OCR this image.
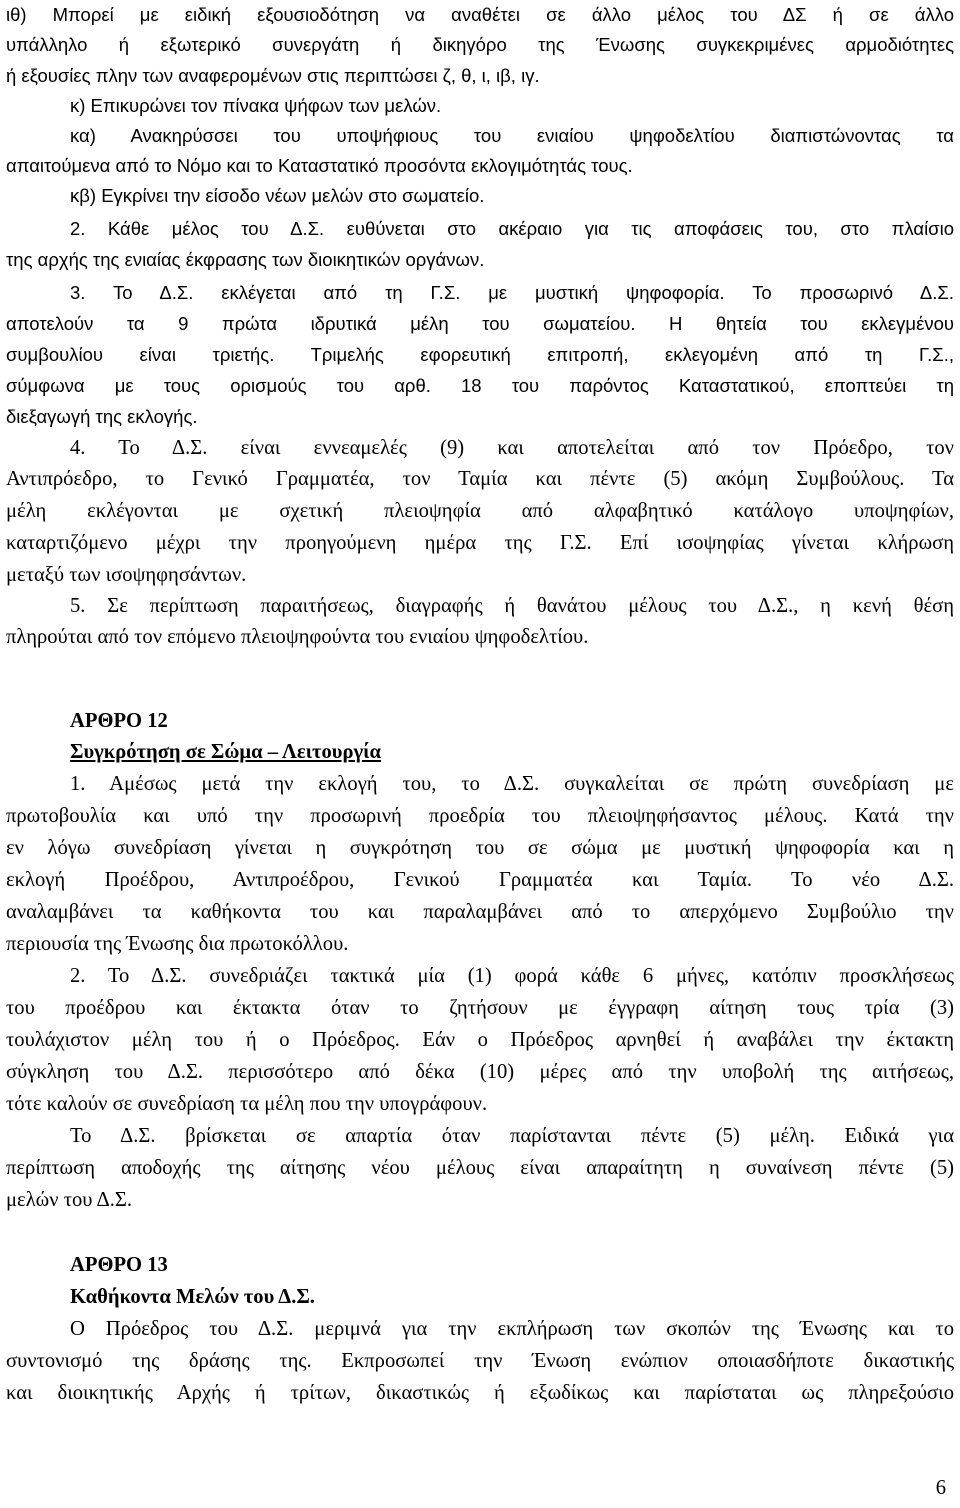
ιθ) Μπορεί με ειδική εξουσιοδότηση να αναθέτει σε άλλο μέλος του ΔΣ ή σε άλλο
υπάλληλο ή εξωτερικό συνεργάτη ή δικηγόρο της Ένωσης συγκεκριμένες αρμοδιότητες
ή εξουσίες πλην των αναφερομένων στις περιπτώσει ζ, θ, ι, ιβ, ιγ.
κ) Επικυρώνει τον πίνακα ψήφων των μελών.
κα) Ανακηρύσσει του υποψήφιους του ενιαίου ψηφοδελτίου διαπιστώνοντας τα
απαιτούμενα από το Νόμο και το Καταστατικό προσόντα εκλογιμότητάς τους.
κβ) Εγκρίνει την είσοδο νέων μελών στο σωματείο.
2. Κάθε μέλος του Δ.Σ. ευθύνεται στο ακέραιο για τις αποφάσεις του, στο πλαίσιο
της αρχής της ενιαίας έκφρασης των διοικητικών οργάνων.
3. Το Δ.Σ. εκλέγεται από τη Γ.Σ. με μυστική ψηφοφορία. Το προσωρινό Δ.Σ.
αποτελούν τα 9 πρώτα ιδρυτικά μέλη του σωματείου. Η θητεία του εκλεγμένου
συμβουλίου είναι τριετής. Τριμελής εφορευτική επιτροπή, εκλεγομένη από τη Γ.Σ.,
σύμφωνα με τους ορισμούς του αρθ. 18 του παρόντος Καταστατικού, εποπτεύει τη
διεξαγωγή της εκλογής.
4. Το Δ.Σ. είναι εννεαμελές (9) και αποτελείται από τον Πρόεδρο, τον
Αντιπρόεδρο, το Γενικό Γραμματέα, τον Ταμία και πέντε (5) ακόμη Συμβούλους. Τα
μέλη εκλέγονται με σχετική πλειοψηφία από αλφαβητικό κατάλογο υποψηφίων,
καταρτιζόμενο μέχρι την προηγούμενη ημέρα της Γ.Σ. Επί ισοψηφίας γίνεται κλήρωση
μεταξύ των ισοψηφησάντων.
5. Σε περίπτωση παραιτήσεως, διαγραφής ή θανάτου μέλους του Δ.Σ., η κενή θέση
πληρούται από τον επόμενο πλειοψηφούντα του ενιαίου ψηφοδελτίου.
ΑΡΘΡΟ 12
Συγκρότηση σε Σώμα – Λειτουργία
1. Αμέσως μετά την εκλογή του, το Δ.Σ. συγκαλείται σε πρώτη συνεδρίαση με
πρωτοβουλία και υπό την προσωρινή προεδρία του πλειοψηφήσαντος μέλους. Κατά την
εν λόγω συνεδρίαση γίνεται η συγκρότηση του σε σώμα με μυστική ψηφοφορία και η
εκλογή Προέδρου, Αντιπροέδρου, Γενικού Γραμματέα και Ταμία. Το νέο Δ.Σ.
αναλαμβάνει τα καθήκοντα του και παραλαμβάνει από το απερχόμενο Συμβούλιο την
περιουσία της Ένωσης δια πρωτοκόλλου.
2. Το Δ.Σ. συνεδριάζει τακτικά μία (1) φορά κάθε 6 μήνες, κατόπιν προσκλήσεως
του προέδρου και έκτακτα όταν το ζητήσουν με έγγραφη αίτηση τους τρία (3)
τουλάχιστον μέλη του ή ο Πρόεδρος. Εάν ο Πρόεδρος αρνηθεί ή αναβάλει την έκτακτη
σύγκληση του Δ.Σ. περισσότερο από δέκα (10) μέρες από την υποβολή της αιτήσεως,
τότε καλούν σε συνεδρίαση τα μέλη που την υπογράφουν.
Το Δ.Σ. βρίσκεται σε απαρτία όταν παρίστανται πέντε (5) μέλη. Ειδικά για
περίπτωση αποδοχής της αίτησης νέου μέλους είναι απαραίτητη η συναίνεση πέντε (5)
μελών του Δ.Σ.
ΑΡΘΡΟ 13
Καθήκοντα Μελών του Δ.Σ.
Ο Πρόεδρος του Δ.Σ. μεριμνά για την εκπλήρωση των σκοπών της Ένωσης και το
συντονισμό της δράσης της. Εκπροσωπεί την Ένωση ενώπιον οποιασδήποτε δικαστικής
και διοικητικής Αρχής ή τρίτων, δικαστικώς ή εξωδίκως και παρίσταται ως πληρεξούσιο
6
